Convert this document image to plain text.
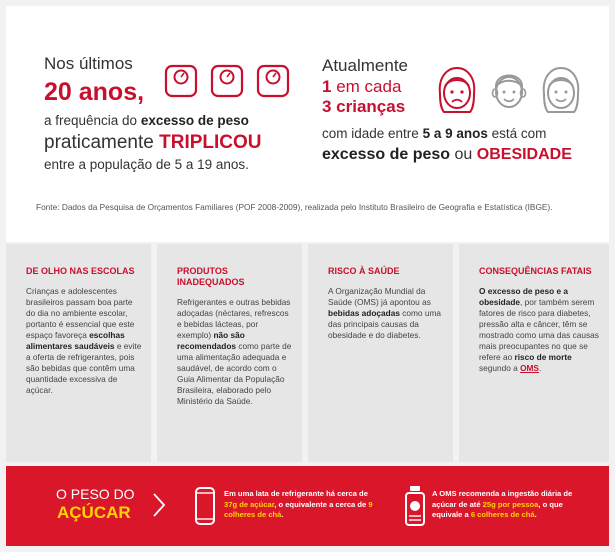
Nos últimos
20 anos,
a frequência do excesso de peso
praticamente TRIPLICOU
entre a população de 5 a 19 anos.
Atualmente
1 em cada
3 crianças
com idade entre 5 a 9 anos está com
excesso de peso ou OBESIDADE
Fonte: Dados da Pesquisa de Orçamentos Familiares (POF 2008-2009), realizada pelo Instituto Brasileiro de Geografia e Estatística (IBGE).
DE OLHO NAS ESCOLAS

Crianças e adolescentes brasileiros passam boa parte do dia no ambiente escolar, portanto é essencial que este espaço favoreça escolhas alimentares saudáveis e evite a oferta de refrigerantes, pois são bebidas que contêm uma quantidade excessiva de açúcar.

PRODUTOS INADEQUADOS

Refrigerantes e outras bebidas adoçadas (néctares, refrescos e bebidas lácteas, por exemplo) não são recomendados como parte de uma alimentação adequada e saudável, de acordo com o Guia Alimentar da População Brasileira, elaborado pelo Ministério da Saúde.

RISCO À SAÚDE

A Organização Mundial da Saúde (OMS) já apontou as bebidas adoçadas como uma das principais causas da obesidade e do diabetes.

CONSEQUÊNCIAS FATAIS

O excesso de peso e a obesidade, por também serem fatores de risco para diabetes, pressão alta e câncer, têm se mostrado como uma das causas mais preocupantes no que se refere ao risco de morte segundo a OMS.

O PESO DO
AÇÚCAR
Em uma lata de refrigerante há cerca de 37g de açúcar, o equivalente a cerca de 9 colheres de chá.
A OMS recomenda a ingestão diária de açúcar de até 25g por pessoa, o que equivale a 6 colheres de chá.
